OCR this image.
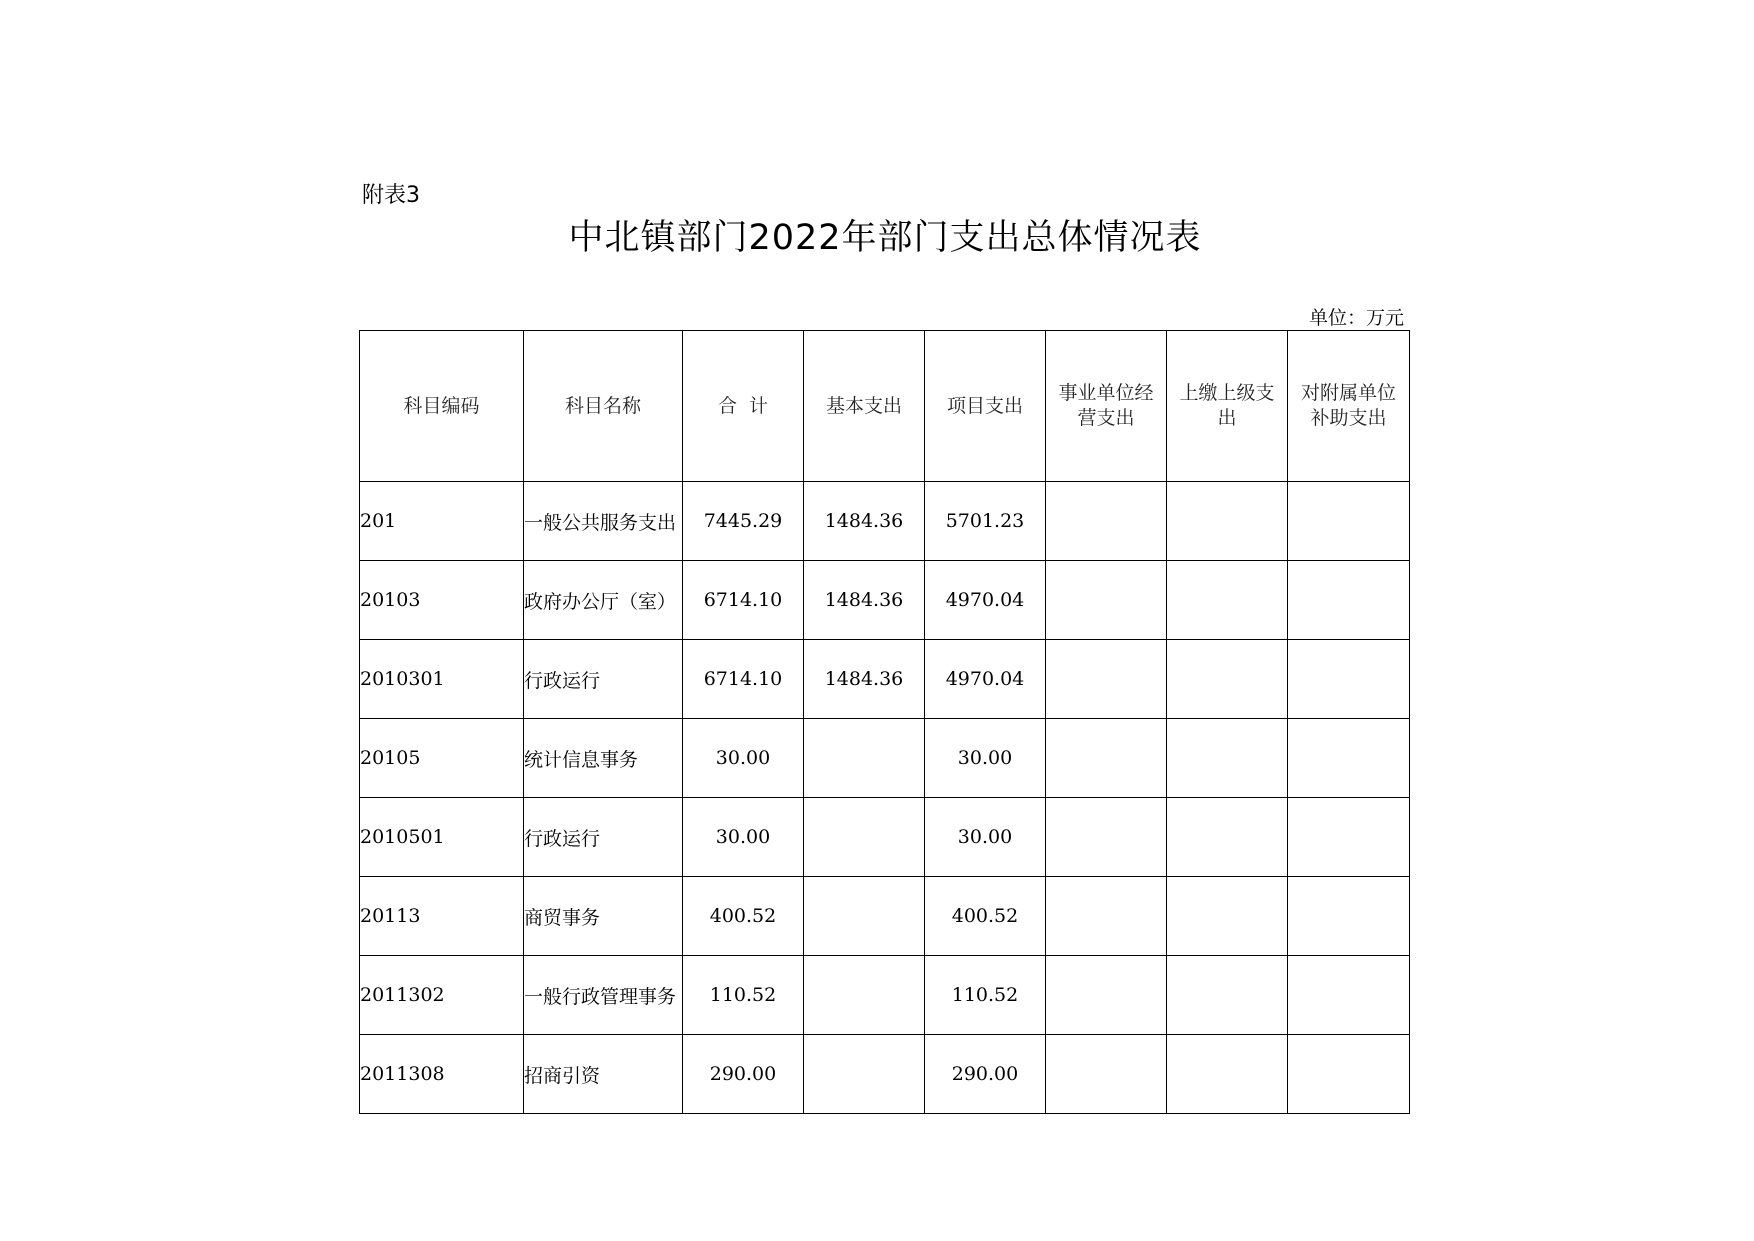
附表3
中北镇部门2022年部门支出总体情况表
单位：万元
科目编码	科目名称	合  计	基本支出	项目支出	事业单位经营支出	上缴上级支出	对附属单位补助支出
201	一般公共服务支出	7445.29	1484.36	5701.23			
20103	政府办公厅（室）	6714.10	1484.36	4970.04			
2010301	行政运行	6714.10	1484.36	4970.04			
20105	统计信息事务	30.00		30.00			
2010501	行政运行	30.00		30.00			
20113	商贸事务	400.52		400.52			
2011302	一般行政管理事务	110.52		110.52			
2011308	招商引资	290.00		290.00			
